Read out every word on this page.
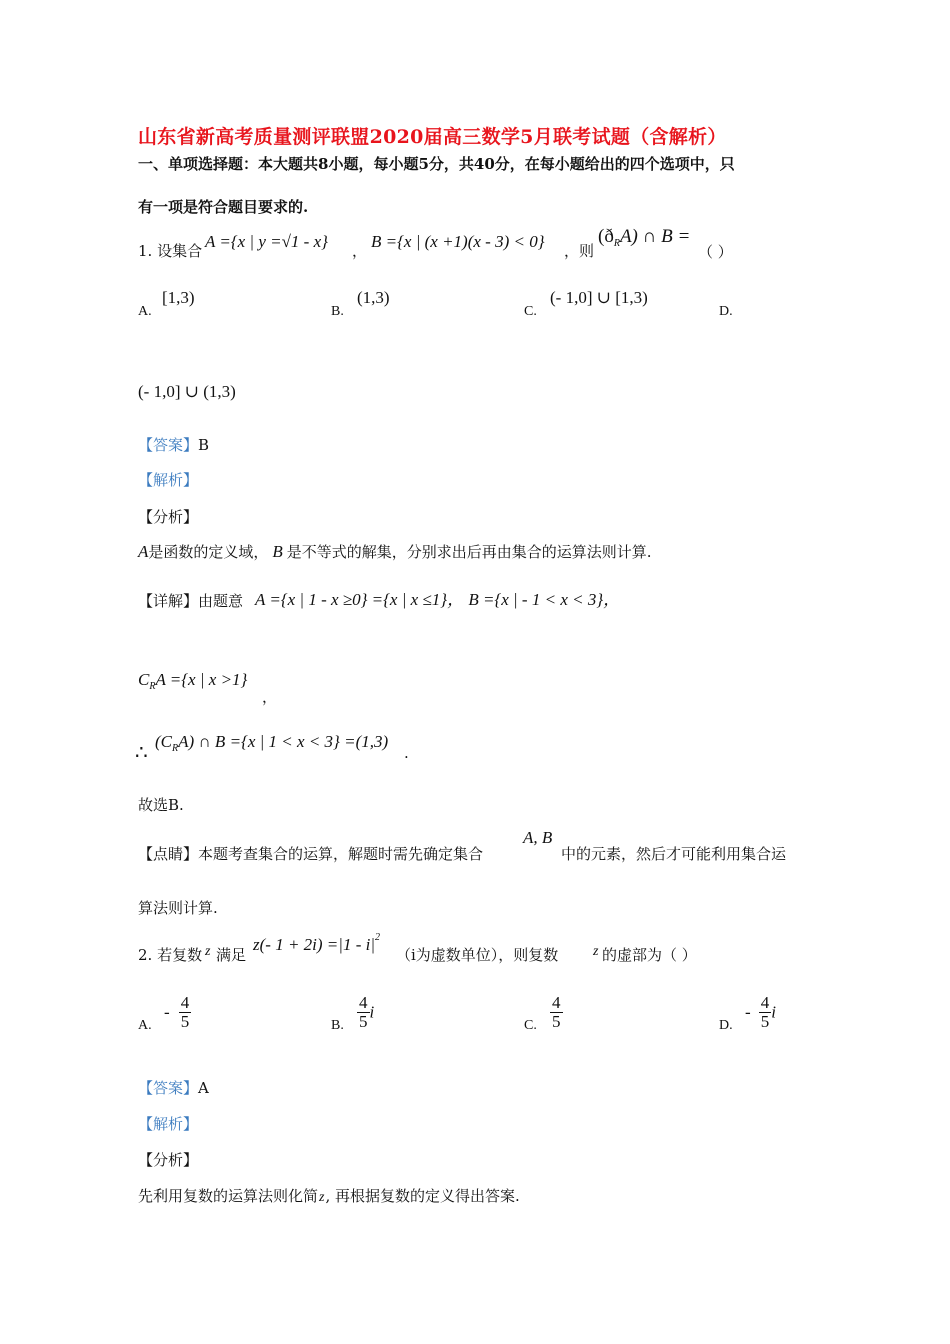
山东省新高考质量测评联盟2020届高三数学5月联考试题（含解析）
一、单项选择题：本大题共8小题，每小题5分，共40分，在每小题给出的四个选项中，只
有一项是符合题目要求的.
1. 设集合 A ={x | y =√1 - x} ， B ={x | (x +1)(x - 3) < 0} ，则
$(ð_RA)$ ∩ B =
（ ）
A.
[1,3)
B.
(1,3)
C.
(- 1,0] ∪ [1,3)
D.
(- 1,0] ∪ (1,3)
【答案】B
【解析】
【分析】
A是函数的定义域， B 是不等式的解集，分别求出后再由集合的运算法则计算.
【详解】由题意 A ={x | 1 - x ≥0} ={x | x ≤1}， B ={x | - 1 < x < 3}，
$C_RA =\{x$ | x >1}
，
∴
$(C_RA)$ ∩ B ={x | 1 < x < 3} =(1,3)
.
故选B.
【点睛】本题考查集合的运算，解题时需先确定集合
A, B
中的元素，然后才可能利用集合运
算法则计算.
2. 若复数 z 满足
z(- $1 + 2i) =|1 - i|^2$
（i为虚数单位），则复数 z 的虚部为（ ）
A.
- $\frac{4}{5}$	B. $\frac{4}{5}$ i
C. $\frac{4}{5}$	D.
- $\frac{4}{5}$ i
【答案】A
【解析】
【分析】
先利用复数的运算法则化简z, 再根据复数的定义得出答案.
